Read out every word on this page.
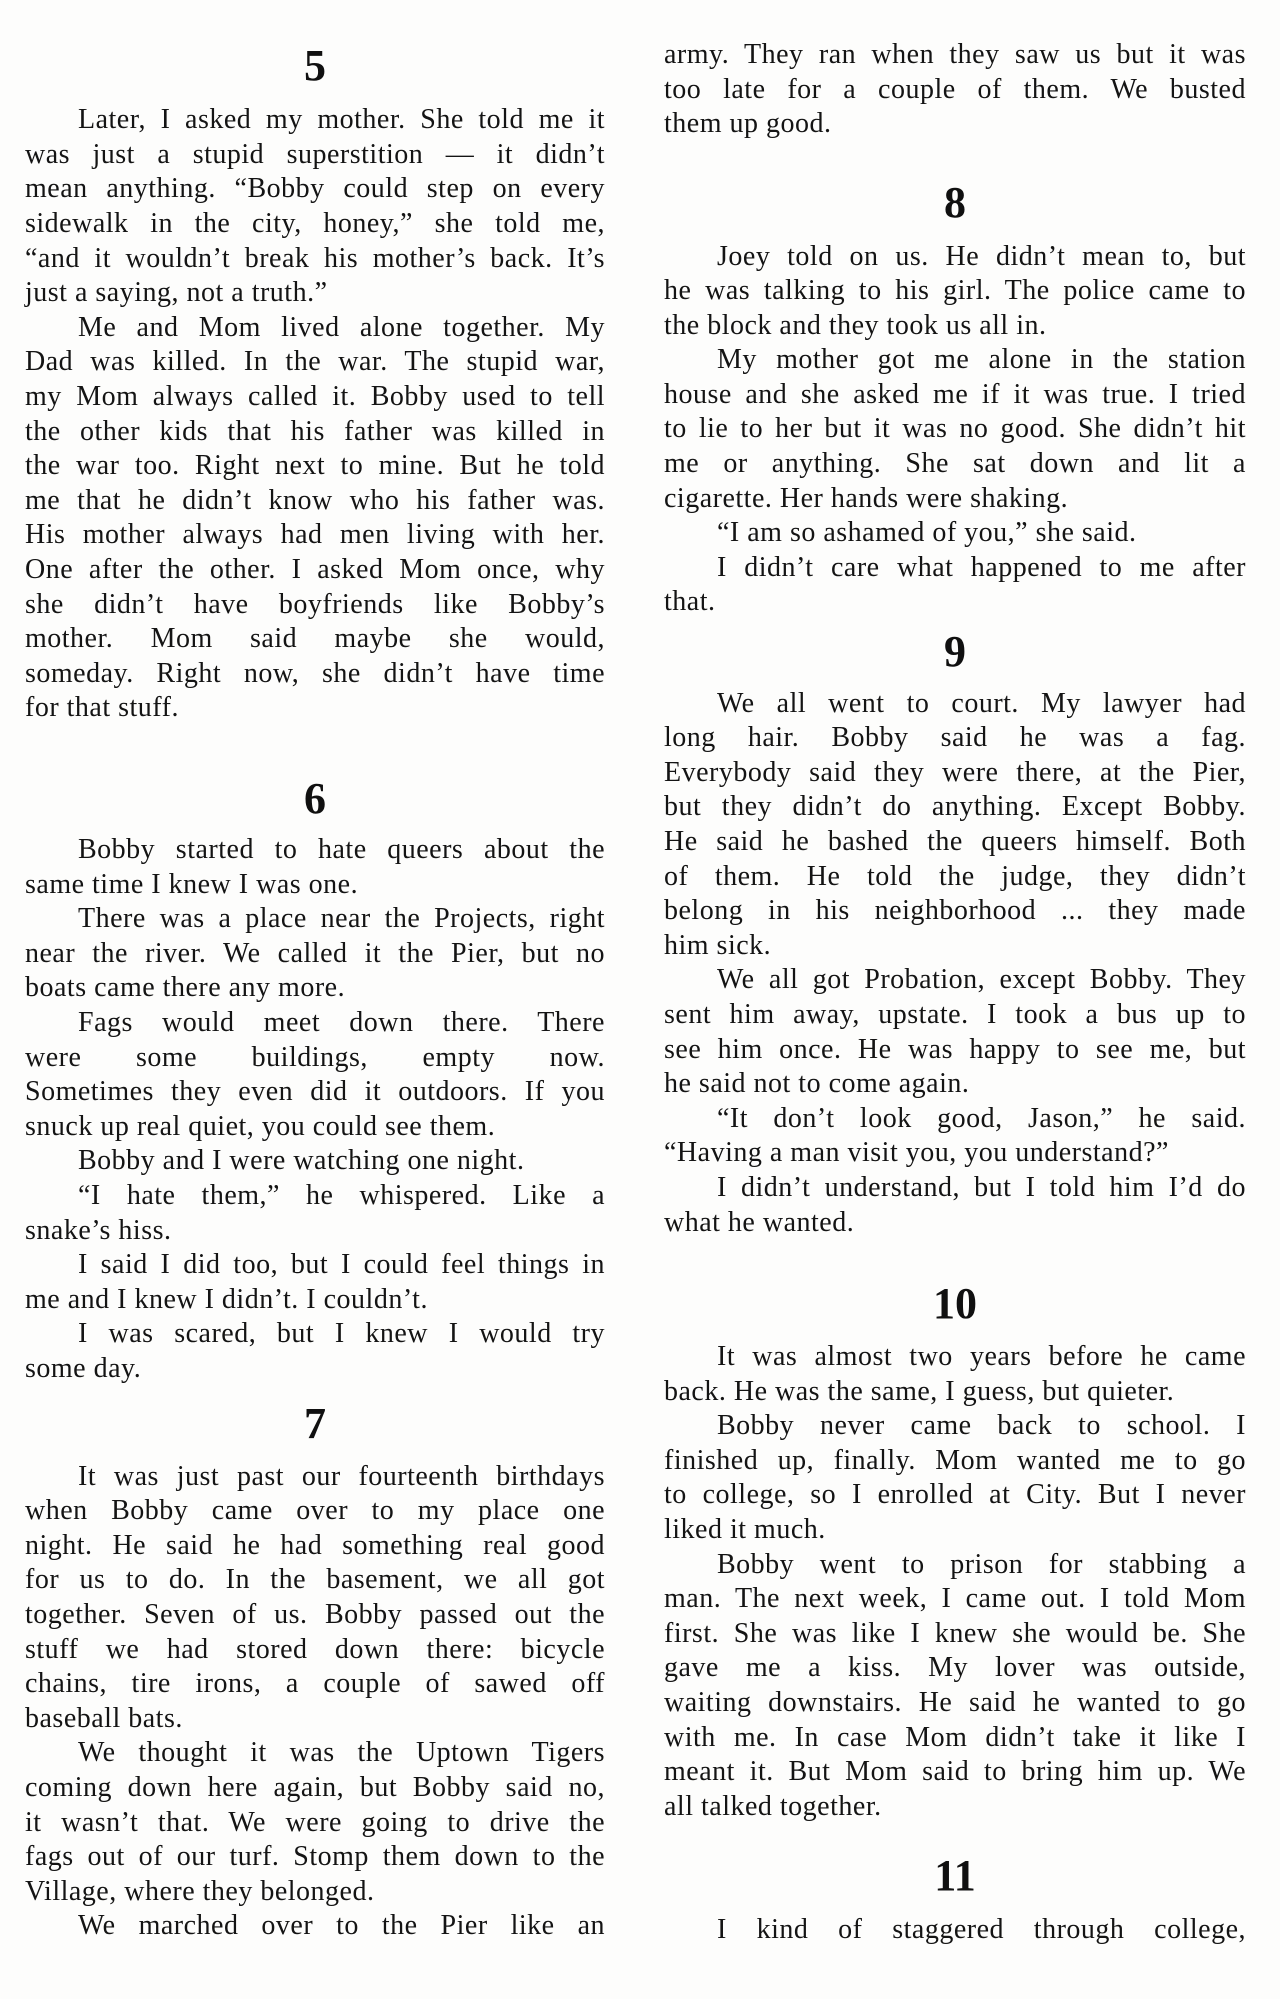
5
Later, I asked my mother. She told me it
was just a stupid superstition — it didn’t
mean anything. “Bobby could step on every
sidewalk in the city, honey,” she told me,
“and it wouldn’t break his mother’s back. It’s
just a saying, not a truth.”
Me and Mom lived alone together. My
Dad was killed. In the war. The stupid war,
my Mom always called it. Bobby used to tell
the other kids that his father was killed in
the war too. Right next to mine. But he told
me that he didn’t know who his father was.
His mother always had men living with her.
One after the other. I asked Mom once, why
she didn’t have boyfriends like Bobby’s
mother. Mom said maybe she would,
someday. Right now, she didn’t have time
for that stuff.
6
Bobby started to hate queers about the
same time I knew I was one.
There was a place near the Projects, right
near the river. We called it the Pier, but no
boats came there any more.
Fags would meet down there. There
were some buildings, empty now.
Sometimes they even did it outdoors. If you
snuck up real quiet, you could see them.
Bobby and I were watching one night.
“I hate them,” he whispered. Like a
snake’s hiss.
I said I did too, but I could feel things in
me and I knew I didn’t. I couldn’t.
I was scared, but I knew I would try
some day.
7
It was just past our fourteenth birthdays
when Bobby came over to my place one
night. He said he had something real good
for us to do. In the basement, we all got
together. Seven of us. Bobby passed out the
stuff we had stored down there: bicycle
chains, tire irons, a couple of sawed off
baseball bats.
We thought it was the Uptown Tigers
coming down here again, but Bobby said no,
it wasn’t that. We were going to drive the
fags out of our turf. Stomp them down to the
Village, where they belonged.
We marched over to the Pier like an
army. They ran when they saw us but it was
too late for a couple of them. We busted
them up good.
8
Joey told on us. He didn’t mean to, but
he was talking to his girl. The police came to
the block and they took us all in.
My mother got me alone in the station
house and she asked me if it was true. I tried
to lie to her but it was no good. She didn’t hit
me or anything. She sat down and lit a
cigarette. Her hands were shaking.
“I am so ashamed of you,” she said.
I didn’t care what happened to me after
that.
9
We all went to court. My lawyer had
long hair. Bobby said he was a fag.
Everybody said they were there, at the Pier,
but they didn’t do anything. Except Bobby.
He said he bashed the queers himself. Both
of them. He told the judge, they didn’t
belong in his neighborhood ... they made
him sick.
We all got Probation, except Bobby. They
sent him away, upstate. I took a bus up to
see him once. He was happy to see me, but
he said not to come again.
“It don’t look good, Jason,” he said.
“Having a man visit you, you understand?”
I didn’t understand, but I told him I’d do
what he wanted.
10
It was almost two years before he came
back. He was the same, I guess, but quieter.
Bobby never came back to school. I
finished up, finally. Mom wanted me to go
to college, so I enrolled at City. But I never
liked it much.
Bobby went to prison for stabbing a
man. The next week, I came out. I told Mom
first. She was like I knew she would be. She
gave me a kiss. My lover was outside,
waiting downstairs. He said he wanted to go
with me. In case Mom didn’t take it like I
meant it. But Mom said to bring him up. We
all talked together.
11
I kind of staggered through college,
